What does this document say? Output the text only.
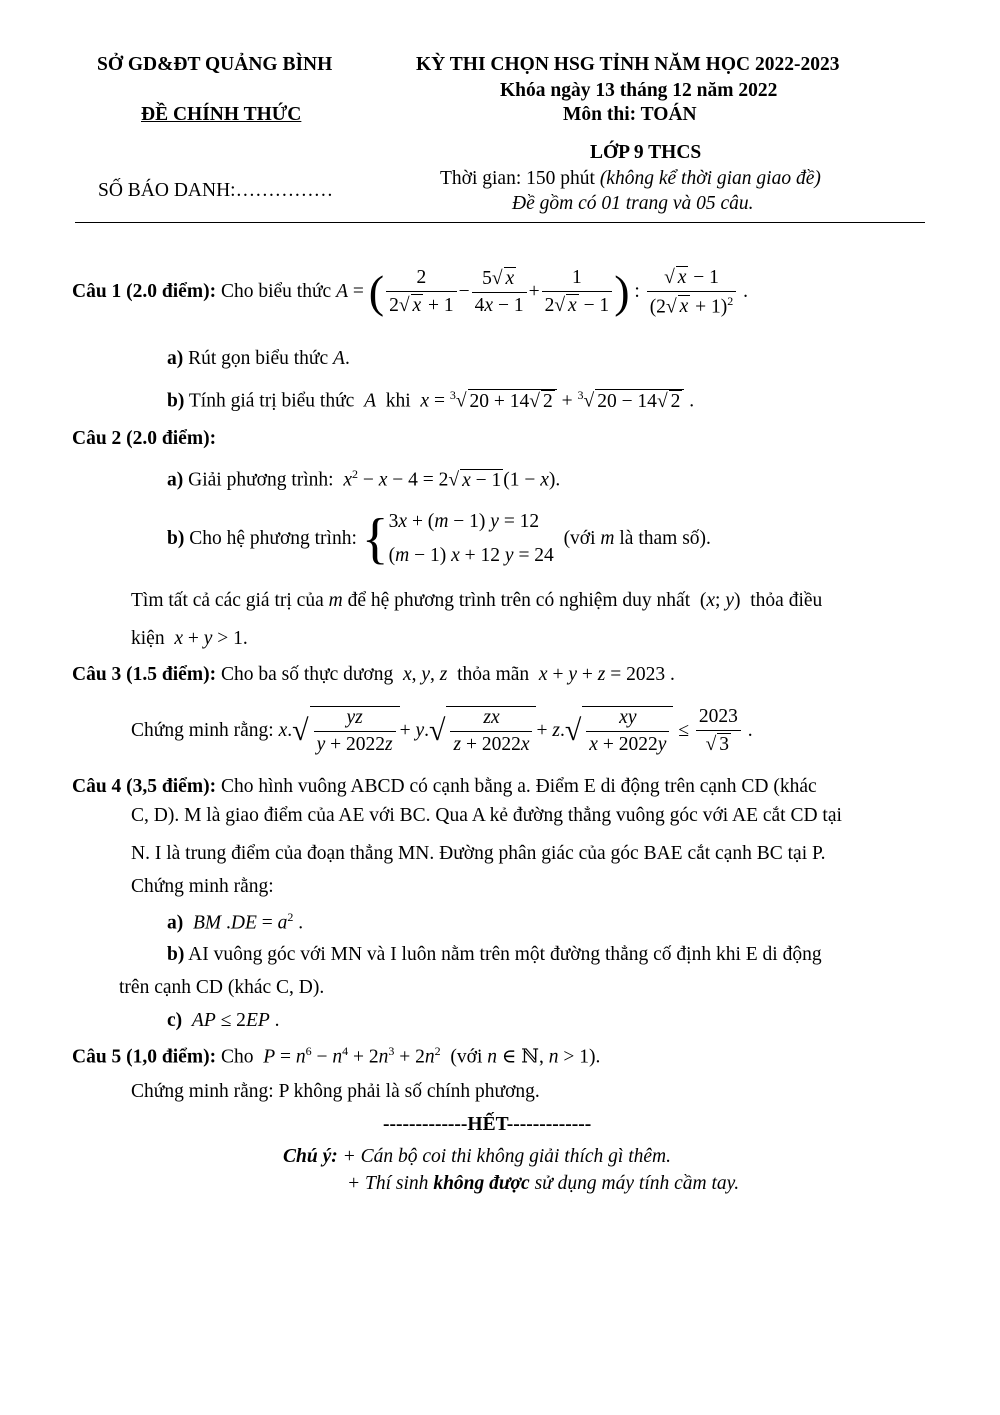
SỞ GD&ĐT QUẢNG BÌNH	KỲ THI CHỌN HSG TỈNH NĂM HỌC 2022-2023
Khóa ngày 13 tháng 12 năm 2022
ĐỀ CHÍNH THỨC	Môn thi: TOÁN
LỚP 9 THCS
Thời gian: 150 phút (không kể thời gian giao đề)
SỐ BÁO DANH:……………
Đề gồm có 01 trang và 05 câu.
Câu 1 (2.0 điểm):
Cho biểu thức
A = ( $\frac{2}{2√ x + 1} - \frac{5√ x}{4x - 1} + \frac{1}{2√ x - 1}$ ) : $\frac{√ x - 1}{(2√ x + 1)^2}$ .
a) Rút gọn biểu thức A.
b) Tính giá trị biểu thức A khi x = $^3$√ 20 + 14√ 2 + $^3$√ 20 − 14√ 2 .
Câu 2 (2.0 điểm):
a) Giải phương trình: $x^2 - x - 4 = 2√$ x − 1 (1 − x).
b)
Cho hệ phương trình:
{ 3x + (m − 1) y = 12
(m − 1) x + 12 y = 24

(với
m
là tham số).
Tìm tất cả các giá trị của m để hệ phương trình trên có nghiệm duy nhất  (x; y)  thỏa điều
kiện x + y > 1.
Câu 3 (1.5 điểm): Cho ba số thực dương x, y, z thỏa mãn x + y + z = 2023 .
Chứng minh rằng:
x . √ $\frac{yz}{y + 2022z} + y$ . √ $\frac{zx}{z + 2022x} + z$ . √ $\frac{xy}{x + 2022y} \le \frac{2023}{√ 3}$ .
Câu 4 (3,5 điểm): Cho hình vuông ABCD có cạnh bằng a. Điểm E di động trên cạnh CD (khác
C, D). M là giao điểm của AE với BC. Qua A kẻ đường thẳng vuông góc với AE cắt CD tại
N. I là trung điểm của đoạn thẳng MN. Đường phân giác của góc BAE cắt cạnh BC tại P.
Chứng minh rằng:
a) BM $.DE = a^2$ .
b) AI vuông góc với MN và I luôn nằm trên một đường thẳng cố định khi E di động
trên cạnh CD (khác C, D).
c) AP ≤ 2EP .
Câu 5 (1,0 điểm): Cho $P = n^6 - n^4 + 2n^3 + 2n^2$ (với n ∈ ℕ, n > 1).
Chứng minh rằng: P không phải là số chính phương.
-------------HẾT-------------
Chú ý: + Cán bộ coi thi không giải thích gì thêm.
+ Thí sinh không được sử dụng máy tính cầm tay.
